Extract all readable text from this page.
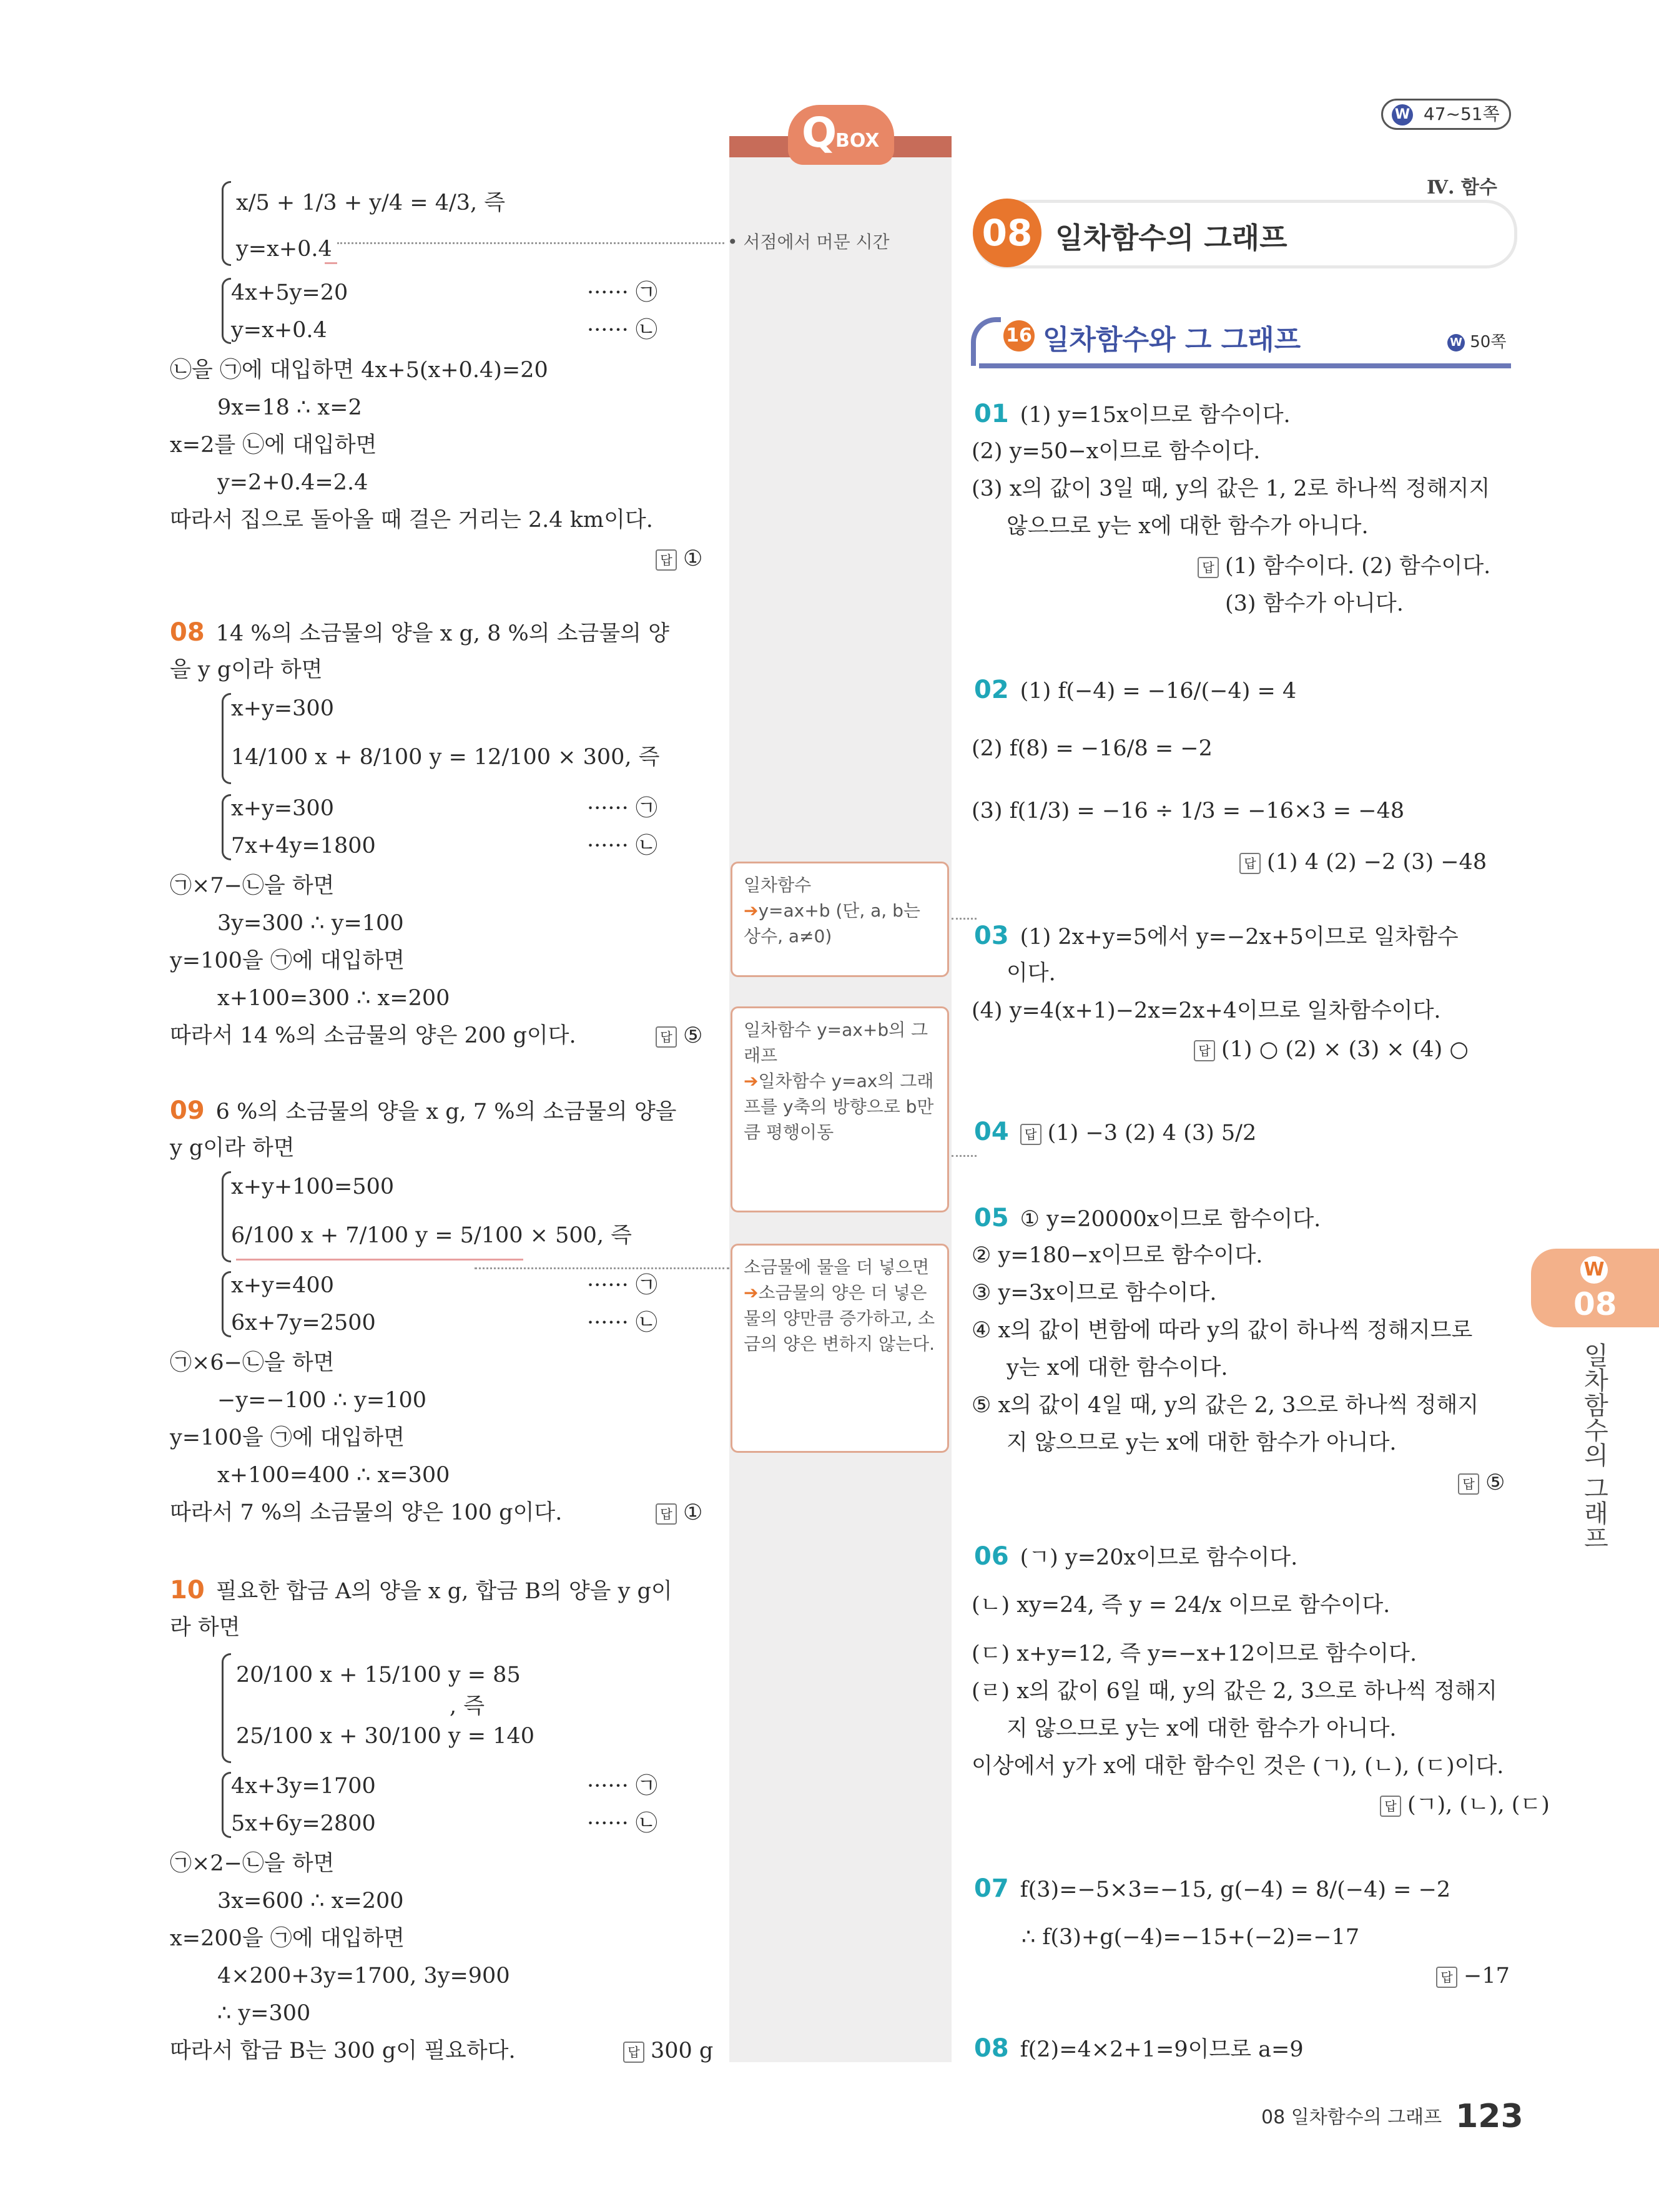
W 47~51쪽
Ⅳ. 함수
08 일차함수의 그래프
16 일차함수와 그 그래프	W 50쪽
Q
BOX
• 서점에서 머문 시간
일차함수
➔y=ax+b (단, a, b는 상수, a≠0)
일차함수 y=ax+b의 그래프
➔일차함수 y=ax의 그래프를 y축의 방향으로 b만큼 평행이동
소금물에 물을 더 넣으면
➔소금물의 양은 더 넣은 물의 양만큼 증가하고, 소금의 양은 변하지 않는다.
x/5 + 1/3 + y/4 = 4/3, 즉
y=x+0.4
4x+5y=20	······ ㉠
y=x+0.4	······ ㉡
㉡을 ㉠에 대입하면 4x+5(x+0.4)=20
9x=18 ∴ x=2
x=2를 ㉡에 대입하면
y=2+0.4=2.4
따라서 집으로 돌아올 때 걸은 거리는 2.4 km이다.
답 ①
08 14 %의 소금물의 양을 x g, 8 %의 소금물의 양
을 y g이라 하면
x+y=300
14/100 x + 8/100 y = 12/100 × 300, 즉
x+y=300	······ ㉠
7x+4y=1800	······ ㉡
㉠×7−㉡을 하면
3y=300 ∴ y=100
y=100을 ㉠에 대입하면
x+100=300 ∴ x=200
따라서 14 %의 소금물의 양은 200 g이다.	답 ⑤
09 6 %의 소금물의 양을 x g, 7 %의 소금물의 양을
y g이라 하면
x+y+100=500
6/100 x + 7/100 y = 5/100 × 500, 즉
x+y=400	······ ㉠
6x+7y=2500	······ ㉡
㉠×6−㉡을 하면
−y=−100 ∴ y=100
y=100을 ㉠에 대입하면
x+100=400 ∴ x=300
따라서 7 %의 소금물의 양은 100 g이다.	답 ①
10 필요한 합금 A의 양을 x g, 합금 B의 양을 y g이
라 하면
20/100 x + 15/100 y = 85
25/100 x + 30/100 y = 140
, 즉
4x+3y=1700	······ ㉠
5x+6y=2800	······ ㉡
㉠×2−㉡을 하면
3x=600 ∴ x=200
x=200을 ㉠에 대입하면
4×200+3y=1700, 3y=900
∴ y=300
따라서 합금 B는 300 g이 필요하다.	답 300 g
01 (1) y=15x이므로 함수이다.
(2) y=50−x이므로 함수이다.
(3) x의 값이 3일 때, y의 값은 1, 2로 하나씩 정해지지
않으므로 y는 x에 대한 함수가 아니다.
답 (1) 함수이다. (2) 함수이다.
(3) 함수가 아니다.
02 (1) f(−4) = −16/(−4) = 4
(2) f(8) = −16/8 = −2
(3) f(1/3) = −16 ÷ 1/3 = −16×3 = −48
답 (1) 4 (2) −2 (3) −48
03 (1) 2x+y=5에서 y=−2x+5이므로 일차함수
이다.
(4) y=4(x+1)−2x=2x+4이므로 일차함수이다.
답 (1) ○ (2) × (3) × (4) ○
04 답 (1) −3 (2) 4 (3) 5/2
05 ① y=20000x이므로 함수이다.
② y=180−x이므로 함수이다.
③ y=3x이므로 함수이다.
④ x의 값이 변함에 따라 y의 값이 하나씩 정해지므로
y는 x에 대한 함수이다.
⑤ x의 값이 4일 때, y의 값은 2, 3으로 하나씩 정해지
지 않으므로 y는 x에 대한 함수가 아니다.
답 ⑤
06 (ㄱ) y=20x이므로 함수이다.
(ㄴ) xy=24, 즉 y = 24/x 이므로 함수이다.
(ㄷ) x+y=12, 즉 y=−x+12이므로 함수이다.
(ㄹ) x의 값이 6일 때, y의 값은 2, 3으로 하나씩 정해지
지 않으므로 y는 x에 대한 함수가 아니다.
이상에서 y가 x에 대한 함수인 것은 (ㄱ), (ㄴ), (ㄷ)이다.
답 (ㄱ), (ㄴ), (ㄷ)
07 f(3)=−5×3=−15, g(−4) = 8/(−4) = −2
∴ f(3)+g(−4)=−15+(−2)=−17
답 −17
08 f(2)=4×2+1=9이므로 a=9
W
08
일차함수의 그래프
08 일차함수의 그래프 123
